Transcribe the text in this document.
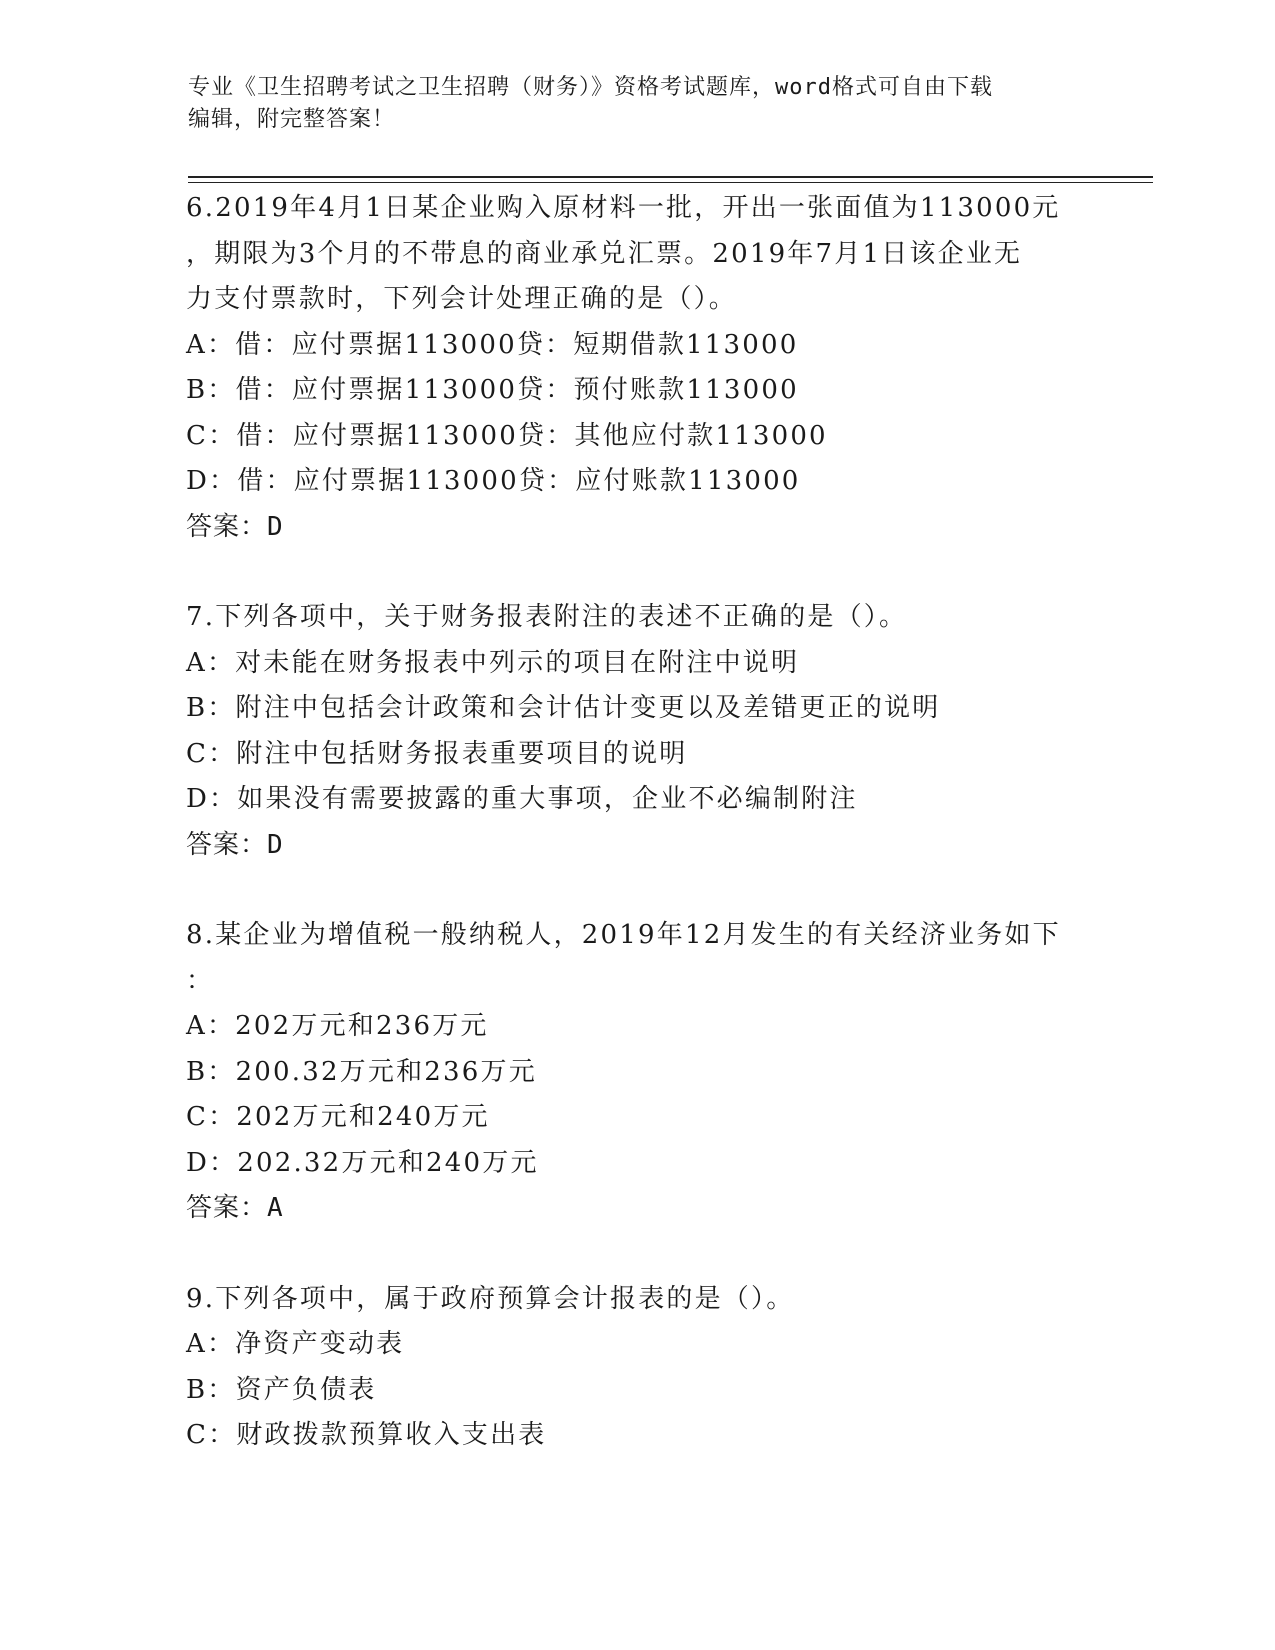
专业《卫生招聘考试之卫生招聘（财务）》资格考试题库，word格式可自由下载
编辑，附完整答案！
6.2019年4月1日某企业购入原材料一批，开出一张面值为113000元
，期限为3个月的不带息的商业承兑汇票。2019年7月1日该企业无
力支付票款时，下列会计处理正确的是（）。
A：借：应付票据113000贷：短期借款113000
B：借：应付票据113000贷：预付账款113000
C：借：应付票据113000贷：其他应付款113000
D：借：应付票据113000贷：应付账款113000
答案：D
7.下列各项中，关于财务报表附注的表述不正确的是（）。
A：对未能在财务报表中列示的项目在附注中说明
B：附注中包括会计政策和会计估计变更以及差错更正的说明
C：附注中包括财务报表重要项目的说明
D：如果没有需要披露的重大事项，企业不必编制附注
答案：D
8.某企业为增值税一般纳税人，2019年12月发生的有关经济业务如下
：
A：202万元和236万元
B：200.32万元和236万元
C：202万元和240万元
D：202.32万元和240万元
答案：A
9.下列各项中，属于政府预算会计报表的是（）。
A：净资产变动表
B：资产负债表
C：财政拨款预算收入支出表
